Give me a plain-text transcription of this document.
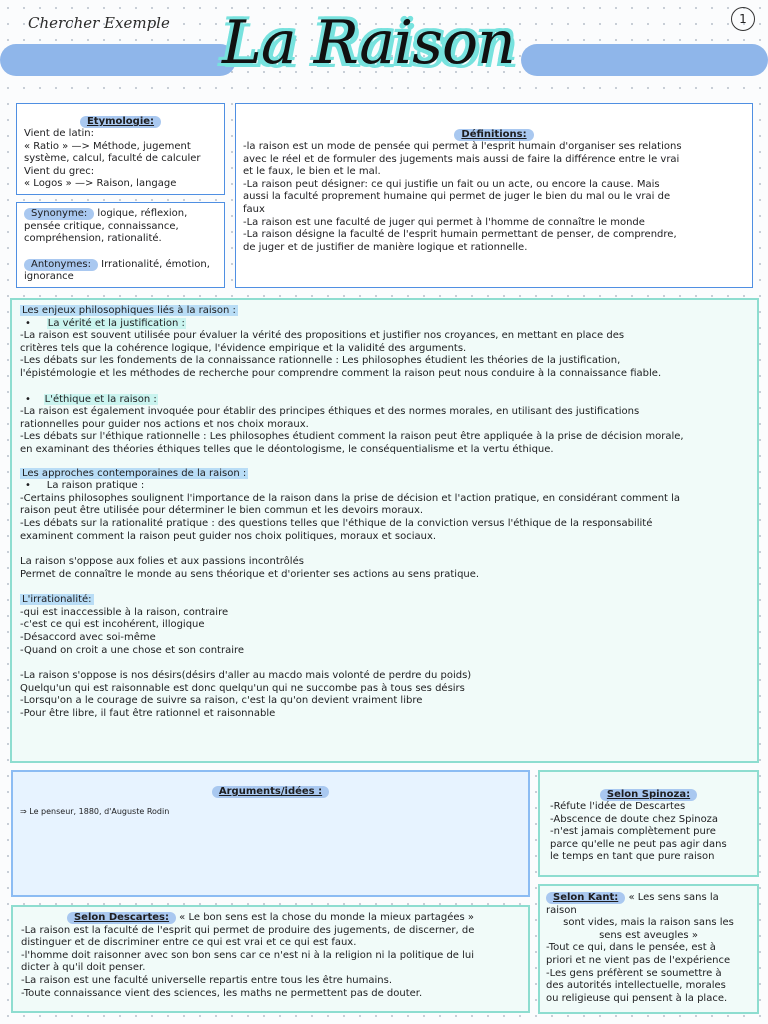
Chercher Exemple La Raison	1
Etymologie:

Vient de latin:

« Ratio » —> Méthode, jugement

système, calcul, faculté de calculer

Vient du grec:

« Logos » —> Raison, langage

Synonyme: logique, réflexion,

pensée critique, connaissance,

compréhension, rationalité.

Antonymes: Irrationalité, émotion,

ignorance

Définitions:

-la raison est un mode de pensée qui permet à l'esprit humain d'organiser ses relations

avec le réel et de formuler des jugements mais aussi de faire la différence entre le vrai

et le faux, le bien et le mal.

-La raison peut désigner: ce qui justifie un fait ou un acte, ou encore la cause. Mais

aussi la faculté proprement humaine qui permet de juger le bien du mal ou le vrai de

faux

-La raison est une faculté de juger qui permet à l'homme de connaître le monde

-La raison désigne la faculté de l'esprit humain permettant de penser, de comprendre,

de juger et de justifier de manière logique et rationnelle.

Les enjeux philosophiques liés à la raison :

•     La vérité et la justification :

-La raison est souvent utilisée pour évaluer la vérité des propositions et justifier nos croyances, en mettant en place des

critères tels que la cohérence logique, l'évidence empirique et la validité des arguments.

-Les débats sur les fondements de la connaissance rationnelle : Les philosophes étudient les théories de la justification,

l'épistémologie et les méthodes de recherche pour comprendre comment la raison peut nous conduire à la connaissance fiable.

•    L'éthique et la raison :

-La raison est également invoquée pour établir des principes éthiques et des normes morales, en utilisant des justifications

rationnelles pour guider nos actions et nos choix moraux.

-Les débats sur l'éthique rationnelle : Les philosophes étudient comment la raison peut être appliquée à la prise de décision morale,

en examinant des théories éthiques telles que le déontologisme, le conséquentialisme et la vertu éthique.

Les approches contemporaines de la raison :

•     La raison pratique :

-Certains philosophes soulignent l'importance de la raison dans la prise de décision et l'action pratique, en considérant comment la

raison peut être utilisée pour déterminer le bien commun et les devoirs moraux.

-Les débats sur la rationalité pratique : des questions telles que l'éthique de la conviction versus l'éthique de la responsabilité

examinent comment la raison peut guider nos choix politiques, moraux et sociaux.

La raison s'oppose aux folies et aux passions incontrôlés

Permet de connaître le monde au sens théorique et d'orienter ses actions au sens pratique.

L'irrationalité:

-qui est inaccessible à la raison, contraire

-c'est ce qui est incohérent, illogique

-Désaccord avec soi-même

-Quand on croit a une chose et son contraire

-La raison s'oppose is nos désirs(désirs d'aller au macdo mais volonté de perdre du poids)

Quelqu'un qui est raisonnable est donc quelqu'un qui ne succombe pas à tous ses désirs

-Lorsqu'on a le courage de suivre sa raison, c'est la qu'on devient vraiment libre

-Pour être libre, il faut être rationnel et raisonnable

Arguments/idées :

⇒ Le penseur, 1880, d'Auguste Rodin

Selon Spinoza:

-Réfute l'idée de Descartes

-Abscence de doute chez Spinoza

-n'est jamais complètement pure

parce qu'elle ne peut pas agir dans

le temps en tant que pure raison

Selon Kant: « Les sens sans la raison

sont vides, mais la raison sans les

sens est aveugles »

-Tout ce qui, dans le pensée, est à

priori et ne vient pas de l'expérience

-Les gens préfèrent se soumettre à

des autorités intellectuelle, morales

ou religieuse qui pensent à la place.

Selon Descartes: « Le bon sens est la chose du monde la mieux partagées »

-La raison est la faculté de l'esprit qui permet de produire des jugements, de discerner, de

distinguer et de discriminer entre ce qui est vrai et ce qui est faux.

-l'homme doit raisonner avec son bon sens car ce n'est ni à la religion ni la politique de lui

dicter à qu'il doit penser.

-La raison est une faculté universelle repartis entre tous les être humains.

-Toute connaissance vient des sciences, les maths ne permettent pas de douter.
